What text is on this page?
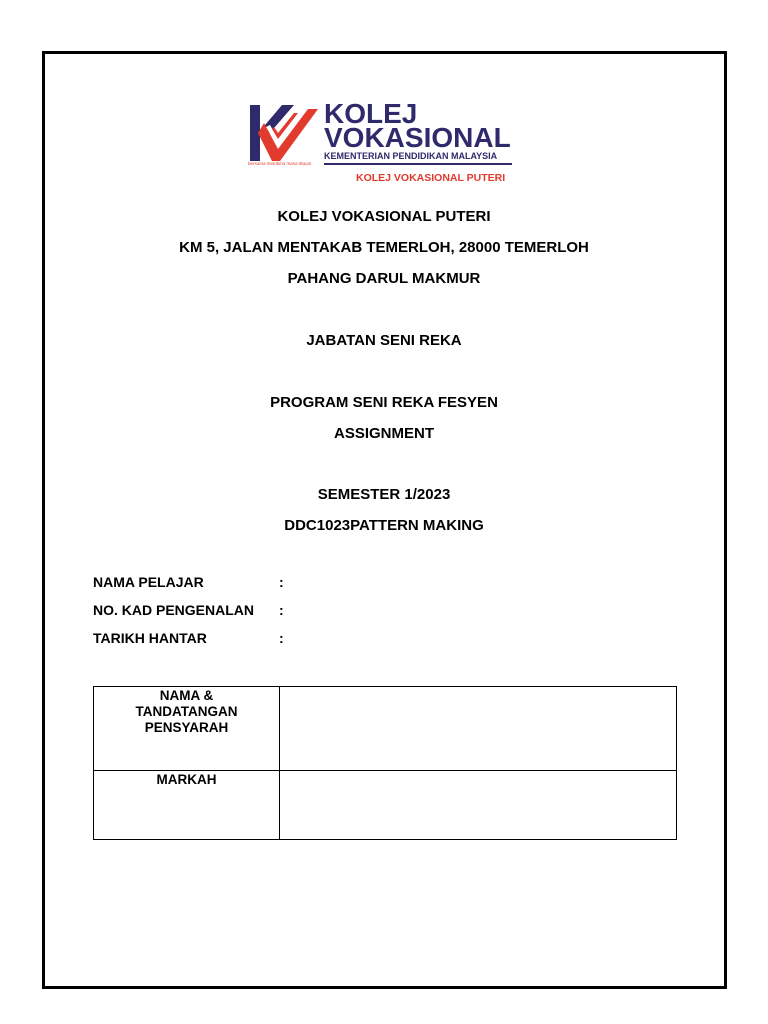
KOLEJ
VOKASIONAL
KEMENTERIAN PENDIDIKAN MALAYSIA
bersama membina masa depan
KOLEJ VOKASIONAL PUTERI
KOLEJ VOKASIONAL PUTERI
KM 5, JALAN MENTAKAB TEMERLOH, 28000 TEMERLOH
PAHANG DARUL MAKMUR
JABATAN SENI REKA
PROGRAM SENI REKA FESYEN
ASSIGNMENT
SEMESTER 1/2023
DDC1023PATTERN MAKING
NAMA PELAJAR	:
NO. KAD PENGENALAN :
TARIKH HANTAR	:
NAMA & TANDATANGAN PENSYARAH	

MARKAH	
